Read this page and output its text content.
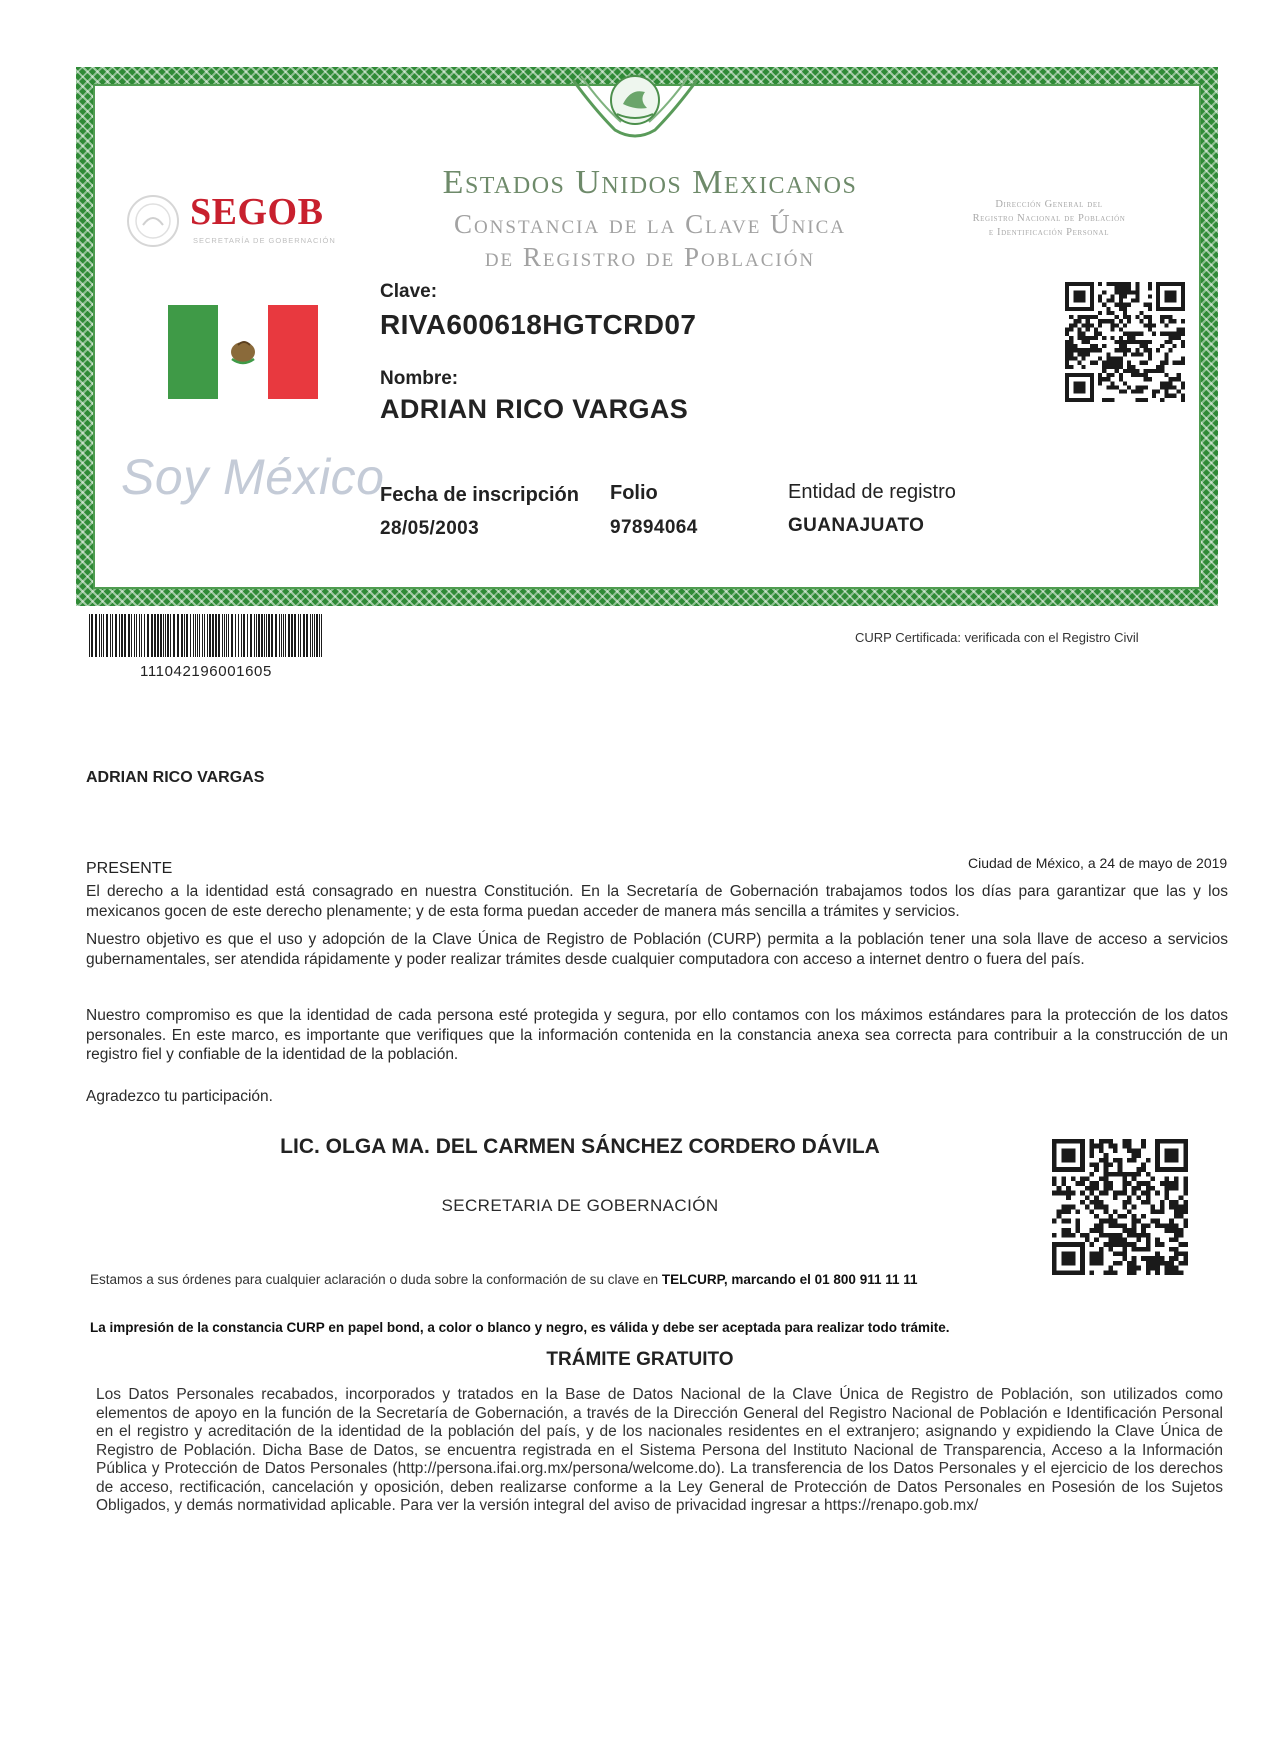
Estados Unidos Mexicanos
Constancia de la Clave Única
de Registro de Población
SEGOB
SECRETARÍA DE GOBERNACIÓN
Dirección General del
Registro Nacional de Población
e Identificación Personal
Soy México
Clave:
RIVA600618HGTCRD07
Nombre:
ADRIAN RICO VARGAS
Fecha de inscripción
28/05/2003
Folio
97894064
Entidad de registro
GUANAJUATO
111042196001605
CURP Certificada: verificada con el Registro Civil
ADRIAN RICO VARGAS
PRESENTE	Ciudad de México, a 24 de mayo de 2019
El derecho a la identidad está consagrado en nuestra Constitución. En la Secretaría de Gobernación trabajamos todos los días para garantizar que las y los mexicanos gocen de este derecho plenamente; y de esta forma puedan acceder de manera más sencilla a trámites y servicios.
Nuestro objetivo es que el uso y adopción de la Clave Única de Registro de Población (CURP) permita a la población tener una sola llave de acceso a servicios gubernamentales, ser atendida rápidamente y poder realizar trámites desde cualquier computadora con acceso a internet dentro o fuera del país.
Nuestro compromiso es que la identidad de cada persona esté protegida y segura, por ello contamos con los máximos estándares para la protección de los datos personales. En este marco, es importante que verifiques que la información contenida en la constancia anexa sea correcta para contribuir a la construcción de un registro fiel y confiable de la identidad de la población.
Agradezco tu participación.
LIC. OLGA MA. DEL CARMEN SÁNCHEZ CORDERO DÁVILA
SECRETARIA DE GOBERNACIÓN
Estamos a sus órdenes para cualquier aclaración o duda sobre la conformación de su clave en TELCURP, marcando el 01 800 911 11 11
La impresión de la constancia CURP en papel bond, a color o blanco y negro, es válida y debe ser aceptada para realizar todo trámite.
TRÁMITE GRATUITO
Los Datos Personales recabados, incorporados y tratados en la Base de Datos Nacional de la Clave Única de Registro de Población, son utilizados como elementos de apoyo en la función de la Secretaría de Gobernación, a través de la Dirección General del Registro Nacional de Población e Identificación Personal en el registro y acreditación de la identidad de la población del país, y de los nacionales residentes en el extranjero; asignando y expidiendo la Clave Única de Registro de Población. Dicha Base de Datos, se encuentra registrada en el Sistema Persona del Instituto Nacional de Transparencia, Acceso a la Información Pública y Protección de Datos Personales (http://persona.ifai.org.mx/persona/welcome.do). La transferencia de los Datos Personales y el ejercicio de los derechos de acceso, rectificación, cancelación y oposición, deben realizarse conforme a la Ley General de Protección de Datos Personales en Posesión de los Sujetos Obligados, y demás normatividad aplicable. Para ver la versión integral del aviso de privacidad ingresar a https://renapo.gob.mx/
